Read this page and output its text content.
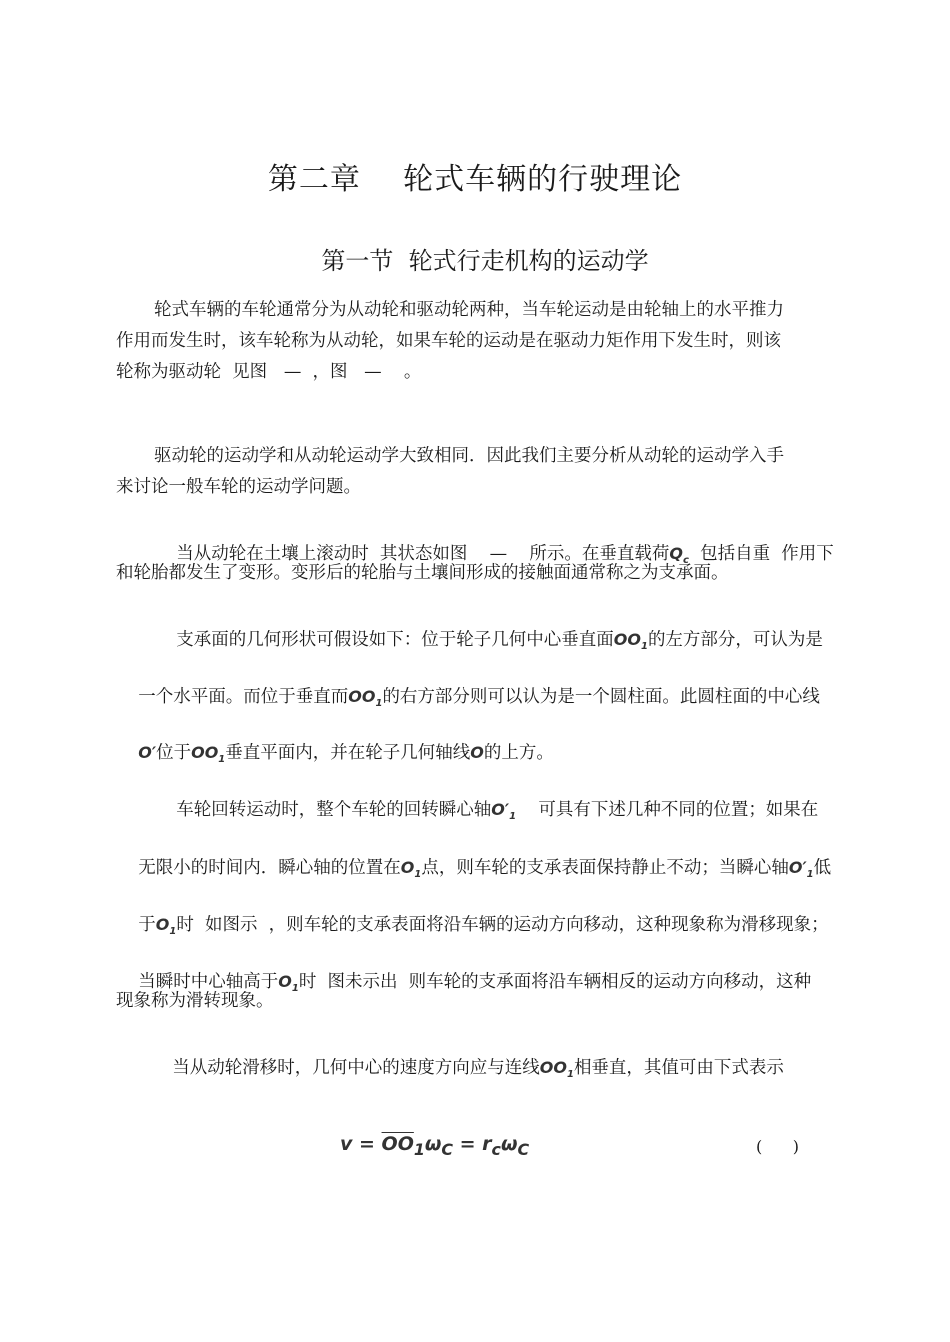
第二章    轮式车辆的行驶理论
第一节  轮式行走机构的运动学
轮式车辆的车轮通常分为从动轮和驱动轮两种，当车轮运动是由轮轴上的水平推力
作用而发生时，该车轮称为从动轮，如果车轮的运动是在驱动力矩作用下发生时，则该
轮称为驱动轮  见图   —  ，图   —    。
驱动轮的运动学和从动轮运动学大致相同．因此我们主要分析从动轮的运动学入手
来讨论一般车轮的运动学问题。

当从动轮在土壤上滚动时  其状态如图    —    所示。在垂直载荷$Q_c$  包括自重  作用下

和轮胎都发生了变形。变形后的轮胎与土壤间形成的接触面通常称之为支承面。

支承面的几何形状可假设如下：位于轮子几何中心垂直面$OO_1$的左方部分，可认为是

一个水平面。而位于垂直而$OO_1$的右方部分则可以认为是一个圆柱面。此圆柱面的中心线

O′位于$OO_1$垂直平面内，并在轮子几何轴线O的上方。

车轮回转运动时，整个车轮的回转瞬心轴$O'_1$    可具有下述几种不同的位置；如果在

无限小的时间内．瞬心轴的位置在$O_1$点，则车轮的支承表面保持静止不动；当瞬心轴$O'_1$低

于$O_1$时  如图示  ，则车轮的支承表面将沿车辆的运动方向移动，这种现象称为滑移现象；

当瞬时中心轴高于$O_1$时  图未示出  则车轮的支承面将沿车辆相反的运动方向移动，这种

现象称为滑转现象。

当从动轮滑移时，几何中心的速度方向应与连线$OO_1$相垂直，其值可由下式表示

$v = \overline{OO}_1\omega_C = r_c\omega_C$	(      )
